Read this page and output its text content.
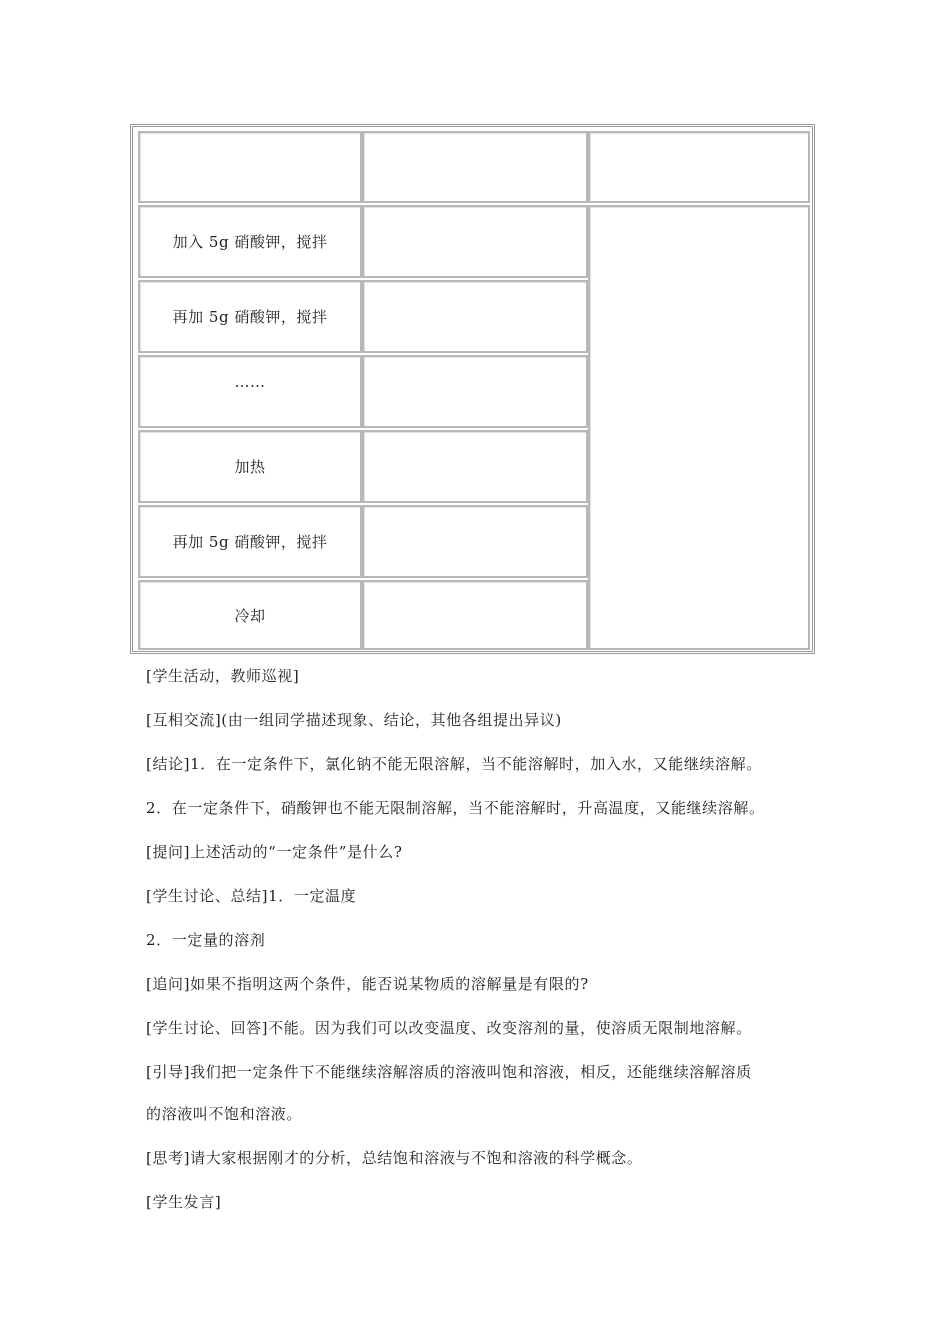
加入 5g 硝酸钾，搅拌
再加 5g 硝酸钾，搅拌
……
加热
再加 5g 硝酸钾，搅拌
冷却
[学生活动，教师巡视]
[互相交流](由一组同学描述现象、结论，其他各组提出异议)
[结论]1．在一定条件下，氯化钠不能无限溶解，当不能溶解时，加入水，又能继续溶解。
2．在一定条件下，硝酸钾也不能无限制溶解，当不能溶解时，升高温度，又能继续溶解。
[提问]上述活动的“一定条件”是什么?
[学生讨论、总结]1．一定温度
2．一定量的溶剂
[追问]如果不指明这两个条件，能否说某物质的溶解量是有限的?
[学生讨论、回答]不能。因为我们可以改变温度、改变溶剂的量，使溶质无限制地溶解。
[引导]我们把一定条件下不能继续溶解溶质的溶液叫饱和溶液，相反，还能继续溶解溶质
的溶液叫不饱和溶液。
[思考]请大家根据刚才的分析，总结饱和溶液与不饱和溶液的科学概念。
[学生发言]
